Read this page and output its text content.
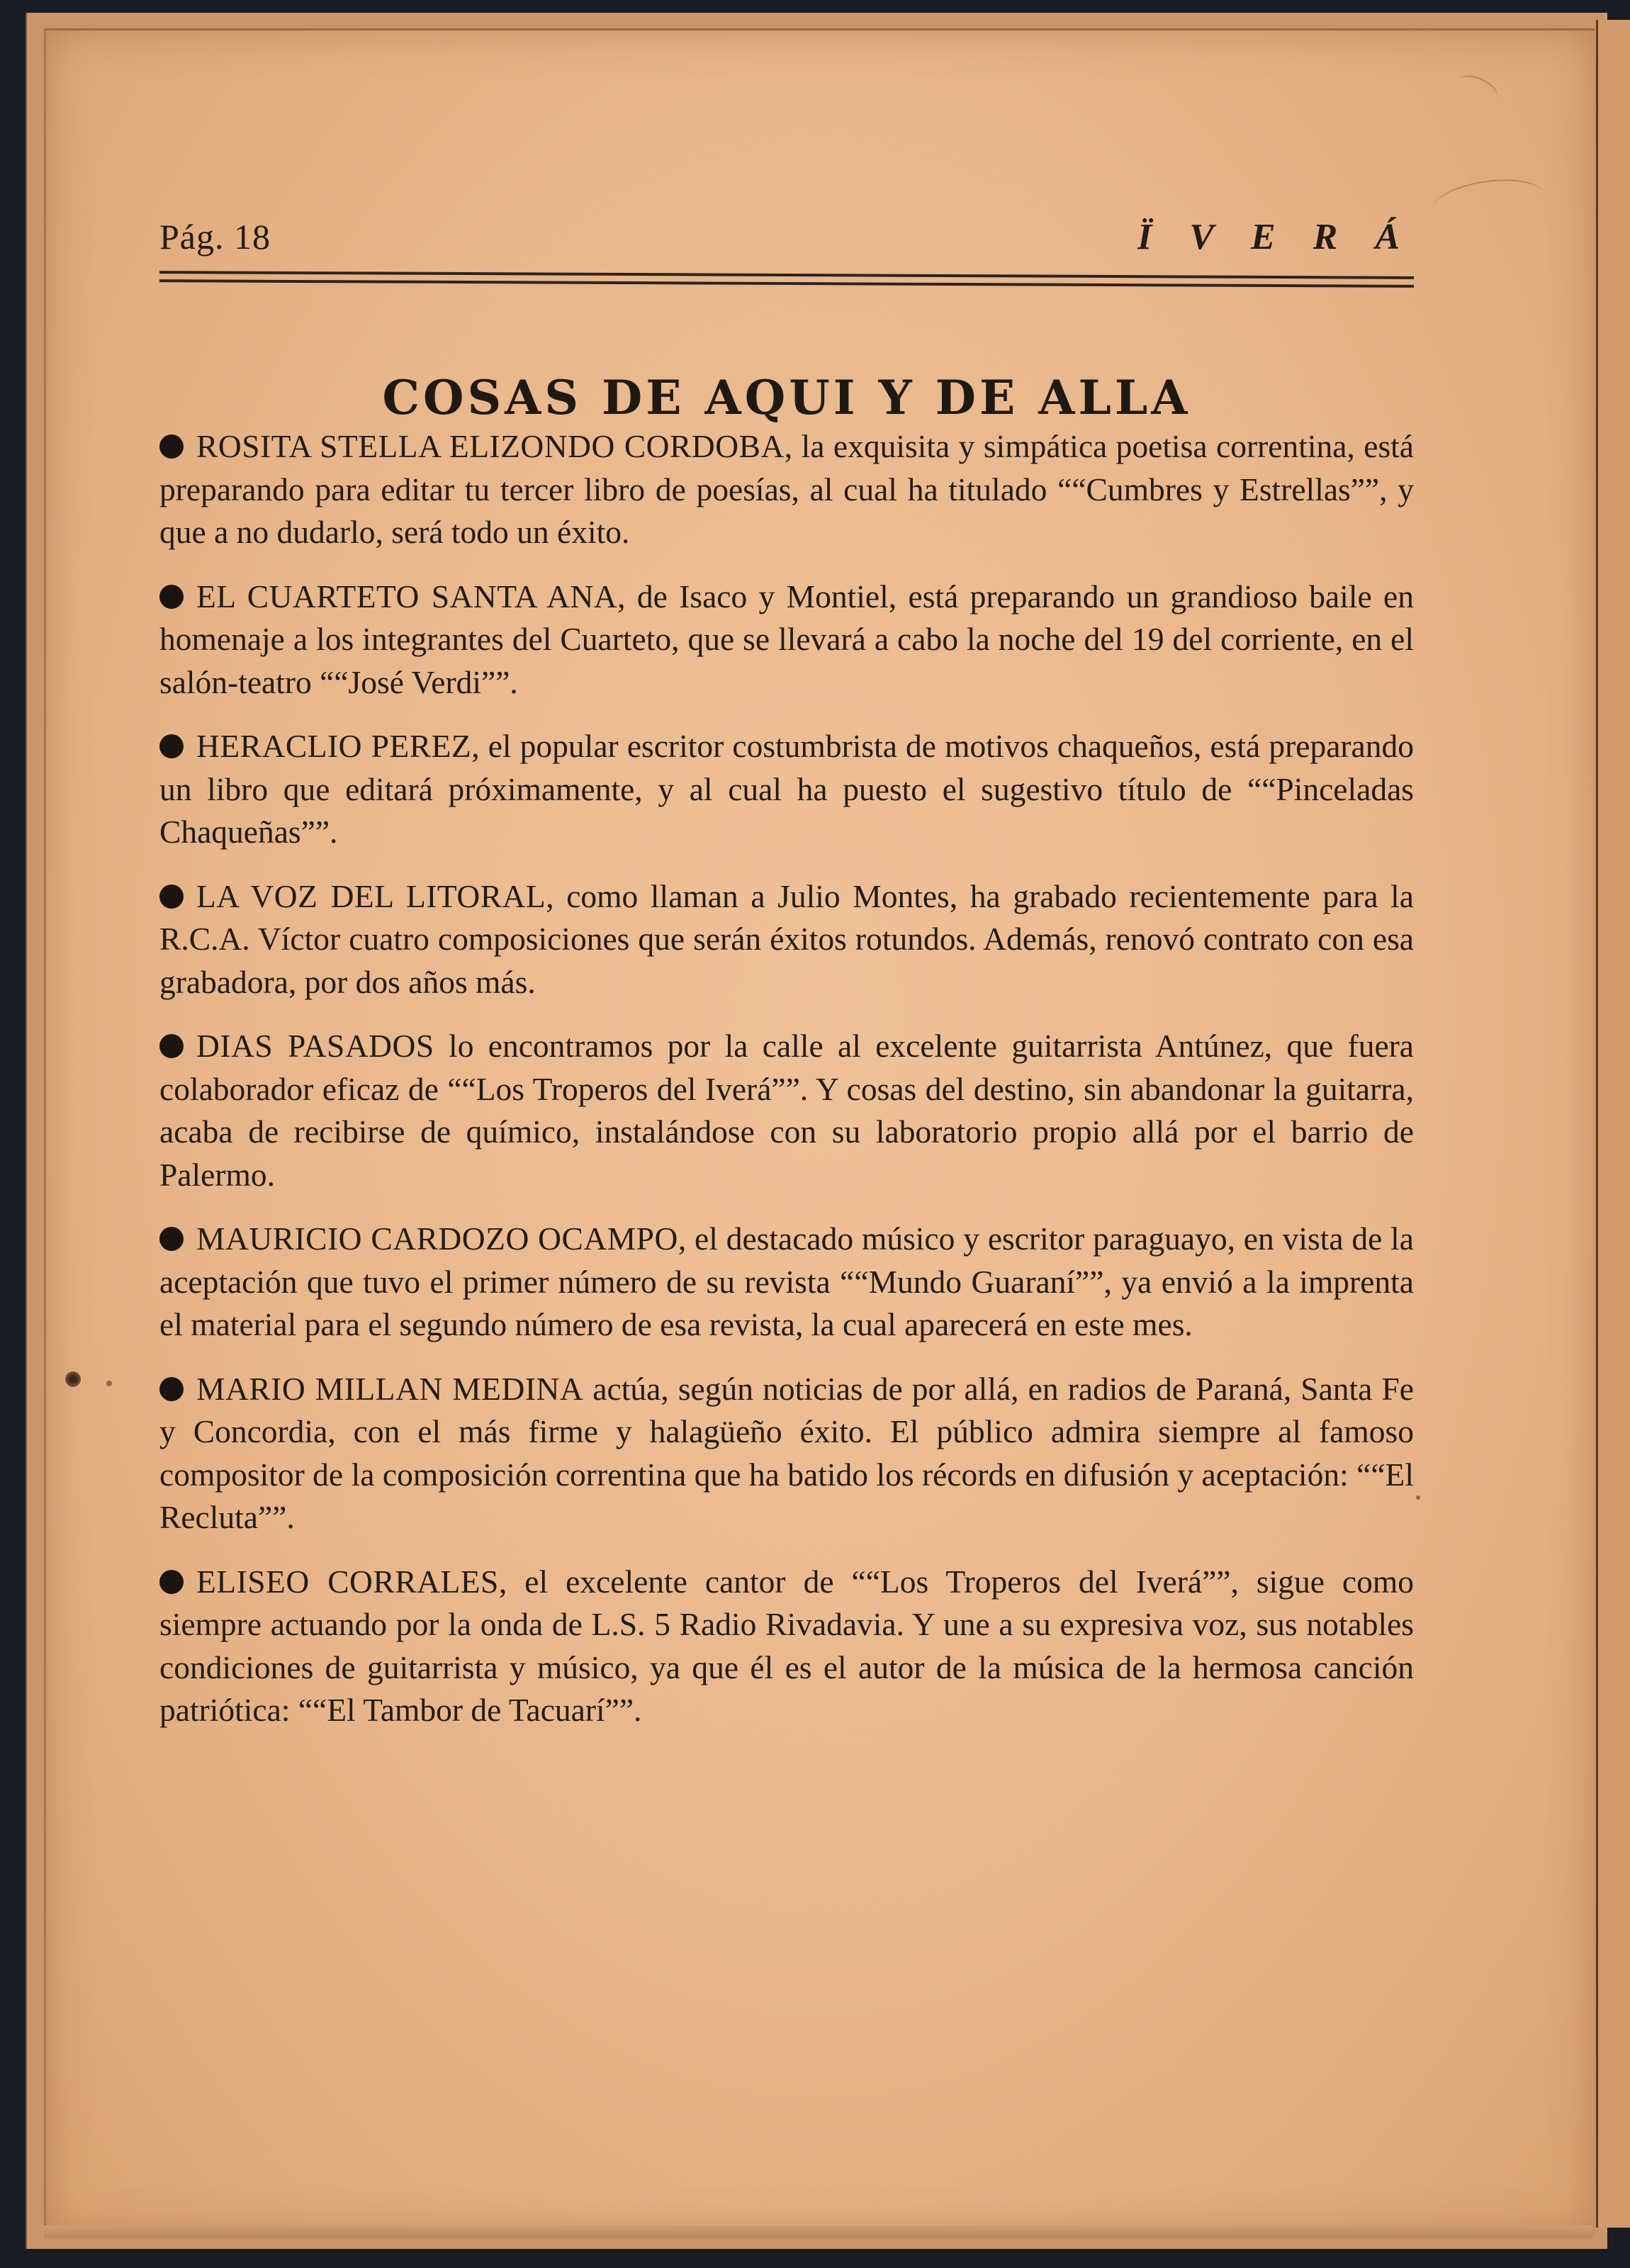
Pág. 18	Ï V E R Á
COSAS DE AQUI Y DE ALLA

ROSITA STELLA ELIZONDO CORDOBA, la exquisita y simpática poetisa correntina, está preparando para editar tu tercer libro de poesías, al cual ha titulado ““Cumbres y Estrellas””, y que a no dudarlo, será todo un éxito.

EL CUARTETO SANTA ANA, de Isaco y Montiel, está preparando un grandioso baile en homenaje a los integrantes del Cuarteto, que se llevará a cabo la noche del 19 del corriente, en el salón-teatro ““José Verdi””.

HERACLIO PEREZ, el popular escritor costumbrista de motivos chaqueños, está preparando un libro que editará próximamente, y al cual ha puesto el sugestivo título de ““Pinceladas Chaqueñas””.

LA VOZ DEL LITORAL, como llaman a Julio Montes, ha grabado recientemente para la R.C.A. Víctor cuatro composiciones que serán éxitos rotundos. Además, renovó contrato con esa grabadora, por dos años más.

DIAS PASADOS lo encontramos por la calle al excelente guitarrista Antúnez, que fuera colaborador eficaz de ““Los Troperos del Iverá””. Y cosas del destino, sin abandonar la guitarra, acaba de recibirse de químico, instalándose con su laboratorio propio allá por el barrio de Palermo.

MAURICIO CARDOZO OCAMPO, el destacado músico y escritor paraguayo, en vista de la aceptación que tuvo el primer número de su revista ““Mundo Guaraní””, ya envió a la imprenta el material para el segundo número de esa revista, la cual aparecerá en este mes.

MARIO MILLAN MEDINA actúa, según noticias de por allá, en radios de Paraná, Santa Fe y Concordia, con el más firme y halagüeño éxito. El público admira siempre al famoso compositor de la composición correntina que ha batido los récords en difusión y aceptación: ““El Recluta””.

ELISEO CORRALES, el excelente cantor de ““Los Troperos del Iverá””, sigue como siempre actuando por la onda de L.S. 5 Radio Rivadavia. Y une a su expresiva voz, sus notables condiciones de guitarrista y músico, ya que él es el autor de la música de la hermosa canción patriótica: ““El Tambor de Tacuarí””.
